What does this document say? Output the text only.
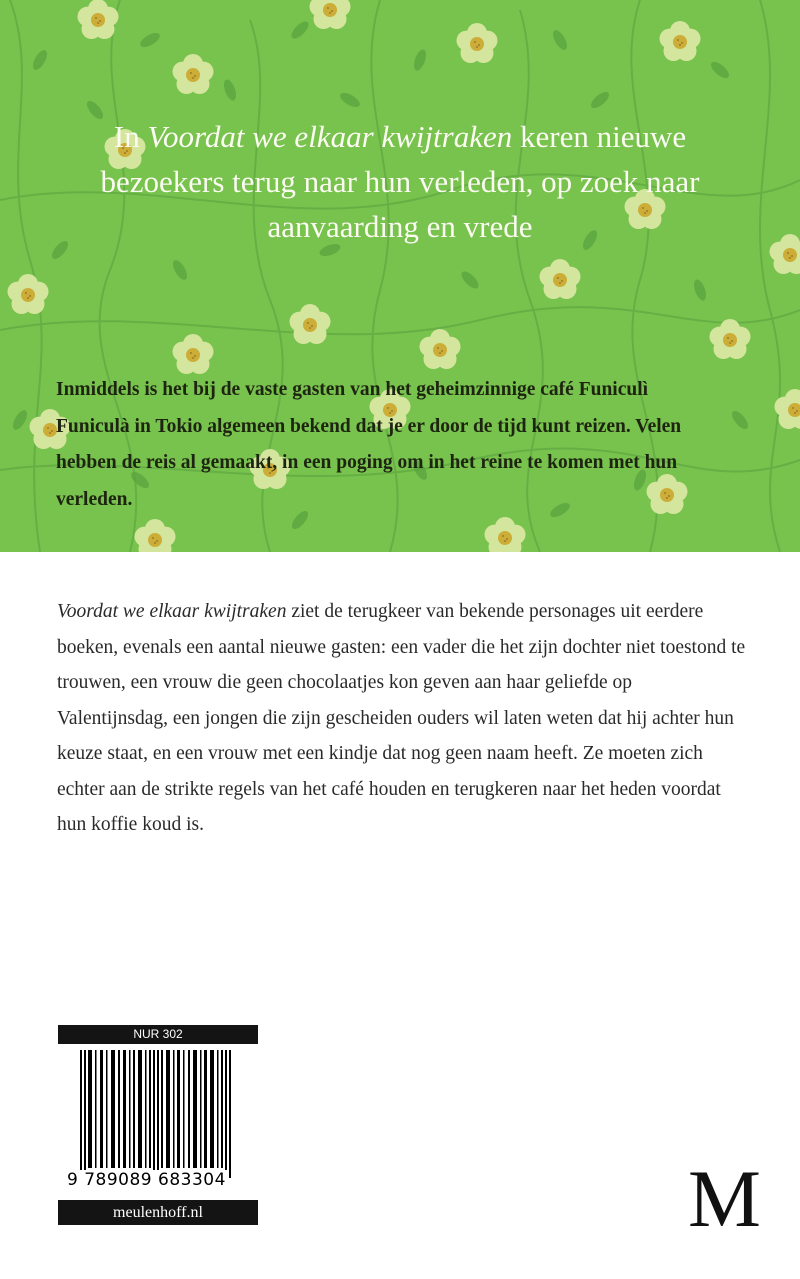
In Voordat we elkaar kwijtraken keren nieuwe bezoekers terug naar hun verleden, op zoek naar aanvaarding en vrede
Inmiddels is het bij de vaste gasten van het geheimzinnige café Funiculì Funiculà in Tokio algemeen bekend dat je er door de tijd kunt reizen. Velen hebben de reis al gemaakt, in een poging om in het reine te komen met hun verleden.
Voordat we elkaar kwijtraken ziet de terugkeer van bekende personages uit eerdere boeken, evenals een aantal nieuwe gasten: een vader die het zijn dochter niet toestond te trouwen, een vrouw die geen chocolaatjes kon geven aan haar geliefde op Valentijnsdag, een jongen die zijn gescheiden ouders wil laten weten dat hij achter hun keuze staat, en een vrouw met een kindje dat nog geen naam heeft. Ze moeten zich echter aan de strikte regels van het café houden en terugkeren naar het heden voordat hun koffie koud is.
NUR 302
9 789089 683304
meulenhoff.nl	M
